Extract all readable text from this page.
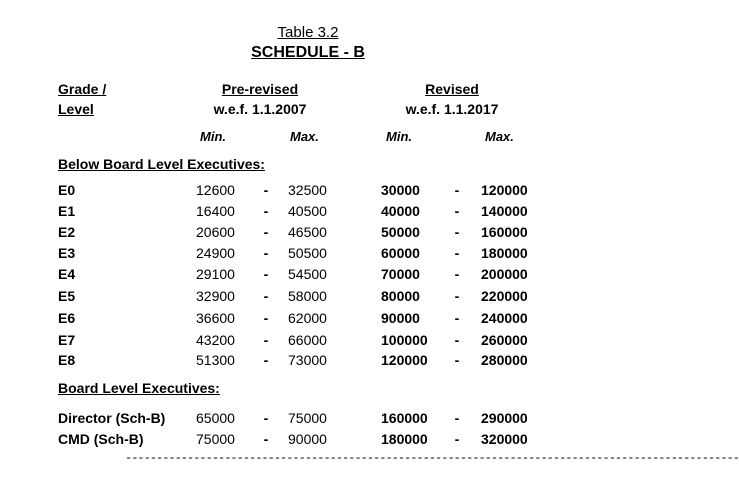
Table 3.2
SCHEDULE - B
Grade /
Level
Pre-revised
w.e.f. 1.1.2007
Revised
w.e.f. 1.1.2017
Min.	Max.	Min.	Max.
Below Board Level Executives:
E0	12600 - 32500	30000 - 120000
E1	16400 - 40500	40000 - 140000
E2	20600 - 46500	50000 - 160000
E3	24900 - 50500	60000 - 180000
E4	29100 - 54500	70000 - 200000
E5	32900 - 58000	80000 - 220000
E6	36600 - 62000	90000 - 240000
E7	43200 - 66000	100000 - 260000
E8	51300 - 73000	120000 - 280000
Board Level Executives:
Director (Sch-B) 65000 - 75000	160000 - 290000
CMD (Sch-B)	75000 - 90000	180000 - 320000
---------------------------------------------------------------------------------------------------
